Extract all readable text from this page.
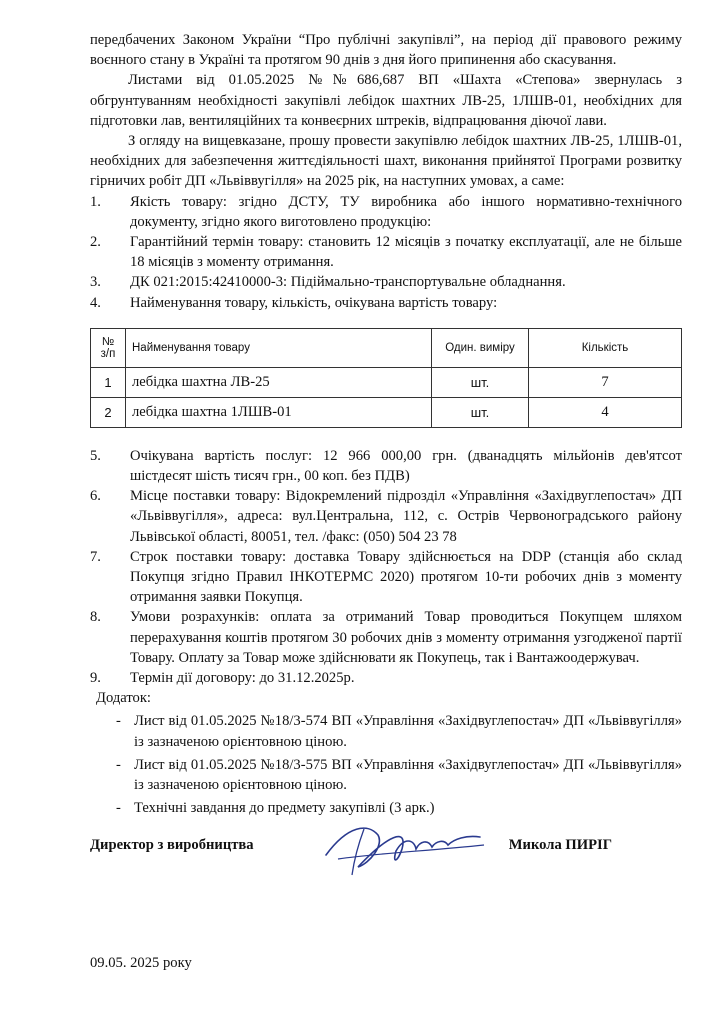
передбачених Законом України “Про публічні закупівлі”, на період дії правового режиму воєнного стану в Україні та протягом 90 днів з дня його припинення або скасування.

Листами від 01.05.2025 №№686,687 ВП «Шахта «Степова» звернулась з обгрунтуванням необхідності закупівлі лебідок шахтних ЛВ-25, 1ЛШВ-01, необхідних для підготовки лав, вентиляційних та конвеєрних штреків, відпрацювання діючої лави.

З огляду на вищевказане, прошу провести закупівлю лебідок шахтних ЛВ-25, 1ЛШВ-01, необхідних для забезпечення життєдіяльності шахт, виконання прийнятої Програми розвитку гірничих робіт ДП «Львіввугілля» на 2025 рік, на наступних умовах, а саме:

1. Якість товару: згідно ДСТУ, ТУ виробника або іншого нормативно-технічного документу, згідно якого виготовлено продукцію:
2. Гарантійний термін товару: становить 12 місяців з початку експлуатації, але не більше 18 місяців з моменту отримання.
3. ДК 021:2015:42410000-3: Підіймально-транспортувальне обладнання.
4. Найменування товару, кількість, очікувана вартість товару:
№ з/п	Найменування товару	Один. виміру	Кількість
1	лебідка шахтна ЛВ-25	шт.	7
2	лебідка шахтна 1ЛШВ-01	шт.	4
5. Очікувана вартість послуг: 12 966 000,00 грн. (дванадцять мільйонів дев'ятсот шістдесят шість тисяч грн., 00 коп. без ПДВ)
6. Місце поставки товару: Відокремлений підрозділ «Управління «Західвуглепостач» ДП «Львіввугілля», адреса: вул.Центральна, 112, с. Острів Червоноградського району Львівської області, 80051, тел. /факс: (050) 504 23 78
7. Строк поставки товару: доставка Товару здійснюється на DDP (станція або склад Покупця згідно Правил ІНКОТЕРМС 2020) протягом 10-ти робочих днів з моменту отримання заявки Покупця.
8. Умови розрахунків: оплата за отриманий Товар проводиться Покупцем шляхом перерахування коштів протягом 30 робочих днів з моменту отримання узгодженої партії Товару. Оплату за Товар може здійснювати як Покупець, так і Вантажоодержувач.
9. Термін дії договору: до 31.12.2025р.
Додаток:
- Лист від 01.05.2025 №18/3-574 ВП «Управління «Західвуглепостач» ДП «Львіввугілля» із зазначеною орієнтовною ціною.
- Лист від 01.05.2025 №18/3-575 ВП «Управління «Західвуглепостач» ДП «Львіввугілля» із зазначеною орієнтовною ціною.
- Технічні завдання до предмету закупівлі (3 арк.)
Директор з виробництва	Микола ПИРІГ
09.05. 2025 року
